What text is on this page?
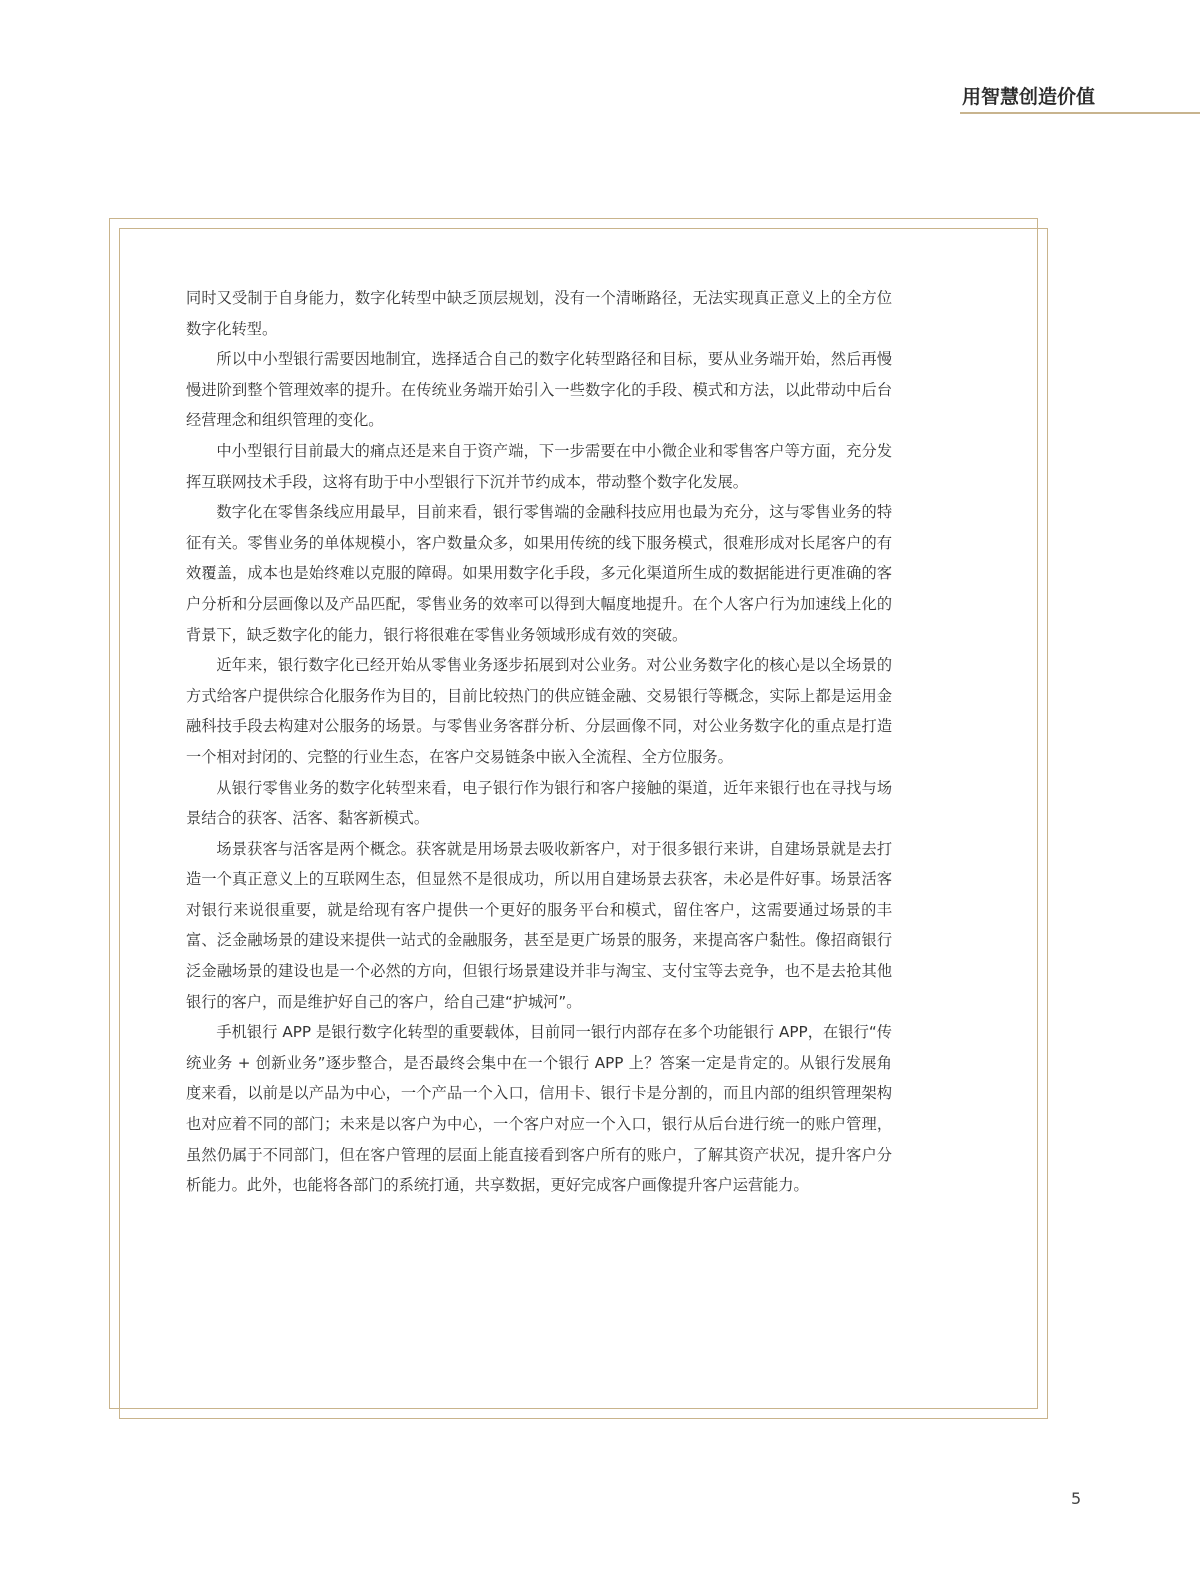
用智慧创造价值

同时又受制于自身能力，数字化转型中缺乏顶层规划，没有一个清晰路径，无法实现真正意义上的全方位数字化转型。

所以中小型银行需要因地制宜，选择适合自己的数字化转型路径和目标，要从业务端开始，然后再慢慢进阶到整个管理效率的提升。在传统业务端开始引入一些数字化的手段、模式和方法，以此带动中后台经营理念和组织管理的变化。

中小型银行目前最大的痛点还是来自于资产端，下一步需要在中小微企业和零售客户等方面，充分发挥互联网技术手段，这将有助于中小型银行下沉并节约成本，带动整个数字化发展。

数字化在零售条线应用最早，目前来看，银行零售端的金融科技应用也最为充分，这与零售业务的特征有关。零售业务的单体规模小，客户数量众多，如果用传统的线下服务模式，很难形成对长尾客户的有效覆盖，成本也是始终难以克服的障碍。如果用数字化手段，多元化渠道所生成的数据能进行更准确的客户分析和分层画像以及产品匹配，零售业务的效率可以得到大幅度地提升。在个人客户行为加速线上化的背景下，缺乏数字化的能力，银行将很难在零售业务领域形成有效的突破。

近年来，银行数字化已经开始从零售业务逐步拓展到对公业务。对公业务数字化的核心是以全场景的方式给客户提供综合化服务作为目的，目前比较热门的供应链金融、交易银行等概念，实际上都是运用金融科技手段去构建对公服务的场景。与零售业务客群分析、分层画像不同，对公业务数字化的重点是打造一个相对封闭的、完整的行业生态，在客户交易链条中嵌入全流程、全方位服务。

从银行零售业务的数字化转型来看，电子银行作为银行和客户接触的渠道，近年来银行也在寻找与场景结合的获客、活客、黏客新模式。

场景获客与活客是两个概念。获客就是用场景去吸收新客户，对于很多银行来讲，自建场景就是去打造一个真正意义上的互联网生态，但显然不是很成功，所以用自建场景去获客，未必是件好事。场景活客对银行来说很重要，就是给现有客户提供一个更好的服务平台和模式，留住客户，这需要通过场景的丰富、泛金融场景的建设来提供一站式的金融服务，甚至是更广场景的服务，来提高客户黏性。像招商银行泛金融场景的建设也是一个必然的方向，但银行场景建设并非与淘宝、支付宝等去竞争，也不是去抢其他银行的客户，而是维护好自己的客户，给自己建“护城河”。

手机银行 APP 是银行数字化转型的重要载体，目前同一银行内部存在多个功能银行 APP，在银行“传统业务 + 创新业务”逐步整合，是否最终会集中在一个银行 APP 上？答案一定是肯定的。从银行发展角度来看，以前是以产品为中心，一个产品一个入口，信用卡、银行卡是分割的，而且内部的组织管理架构也对应着不同的部门；未来是以客户为中心，一个客户对应一个入口，银行从后台进行统一的账户管理，虽然仍属于不同部门，但在客户管理的层面上能直接看到客户所有的账户，了解其资产状况，提升客户分析能力。此外，也能将各部门的系统打通，共享数据，更好完成客户画像提升客户运营能力。

5
